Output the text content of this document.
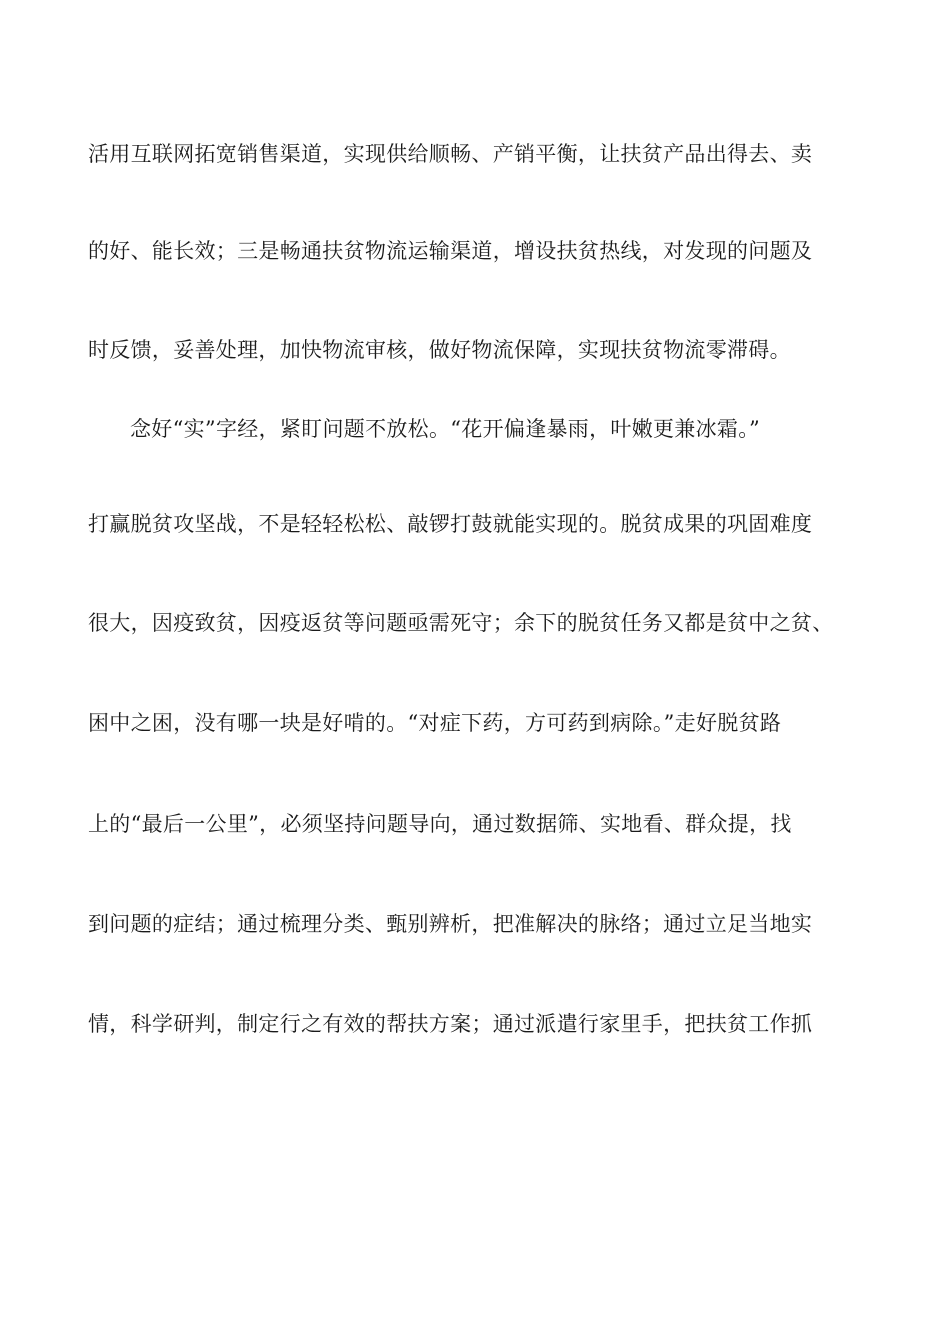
活用互联网拓宽销售渠道，实现供给顺畅、产销平衡，让扶贫产品出得去、卖
的好、能长效；三是畅通扶贫物流运输渠道，增设扶贫热线，对发现的问题及
时反馈，妥善处理，加快物流审核，做好物流保障，实现扶贫物流零滞碍。
念好“实”字经，紧盯问题不放松。“花开偏逢暴雨，叶嫩更兼冰霜。”
打赢脱贫攻坚战，不是轻轻松松、敲锣打鼓就能实现的。脱贫成果的巩固难度
很大，因疫致贫，因疫返贫等问题亟需死守；余下的脱贫任务又都是贫中之贫、
困中之困，没有哪一块是好啃的。“对症下药，方可药到病除。”走好脱贫路
上的“最后一公里”，必须坚持问题导向，通过数据筛、实地看、群众提，找
到问题的症结；通过梳理分类、甄别辨析，把准解决的脉络；通过立足当地实
情，科学研判，制定行之有效的帮扶方案；通过派遣行家里手，把扶贫工作抓
